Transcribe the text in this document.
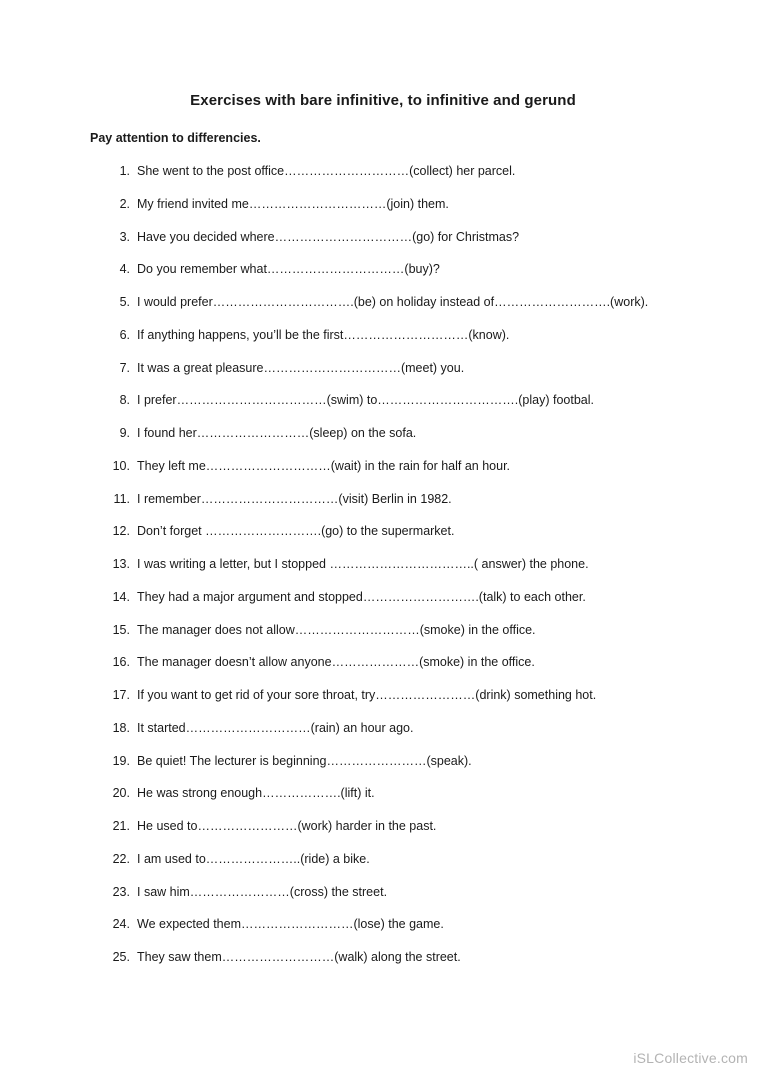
Exercises with bare infinitive, to infinitive and gerund
Pay attention to differencies.
1. She went to the post office…………………………(collect) her parcel.
2. My friend invited me……………………………(join) them.
3. Have you decided where……………………………(go) for Christmas?
4. Do you remember what……………………………(buy)?
5. I would prefer…………………………….(be) on holiday instead of……………………….(work).
6. If anything happens, you’ll be the first…………………………(know).
7. It was a great pleasure……………………………(meet) you.
8. I prefer………………………………(swim) to…………………………….(play) footbal.
9. I found her………………………(sleep) on the sofa.
10. They left me…………………………(wait) in the rain for half an hour.
11. I remember……………………………(visit) Berlin in 1982.
12. Don’t forget ……………………….(go) to the supermarket.
13. I was writing a letter, but I stopped ……………………………..( answer) the phone.
14. They had a major argument and stopped……………………….(talk) to each other.
15. The manager does not allow…………………………(smoke) in the office.
16. The manager doesn’t allow anyone…………………(smoke) in the office.
17. If you want to get rid of your sore throat, try……………………(drink) something hot.
18. It started…………………………(rain) an hour ago.
19. Be quiet! The lecturer is beginning……………………(speak).
20. He was strong enough……………….(lift) it.
21. He used to……………………(work) harder in the past.
22. I am used to…………………..(ride) a bike.
23. I saw him……………………(cross) the street.
24. We expected them………………………(lose) the game.
25. They saw them………………………(walk) along the street.
iSLCollective.com
